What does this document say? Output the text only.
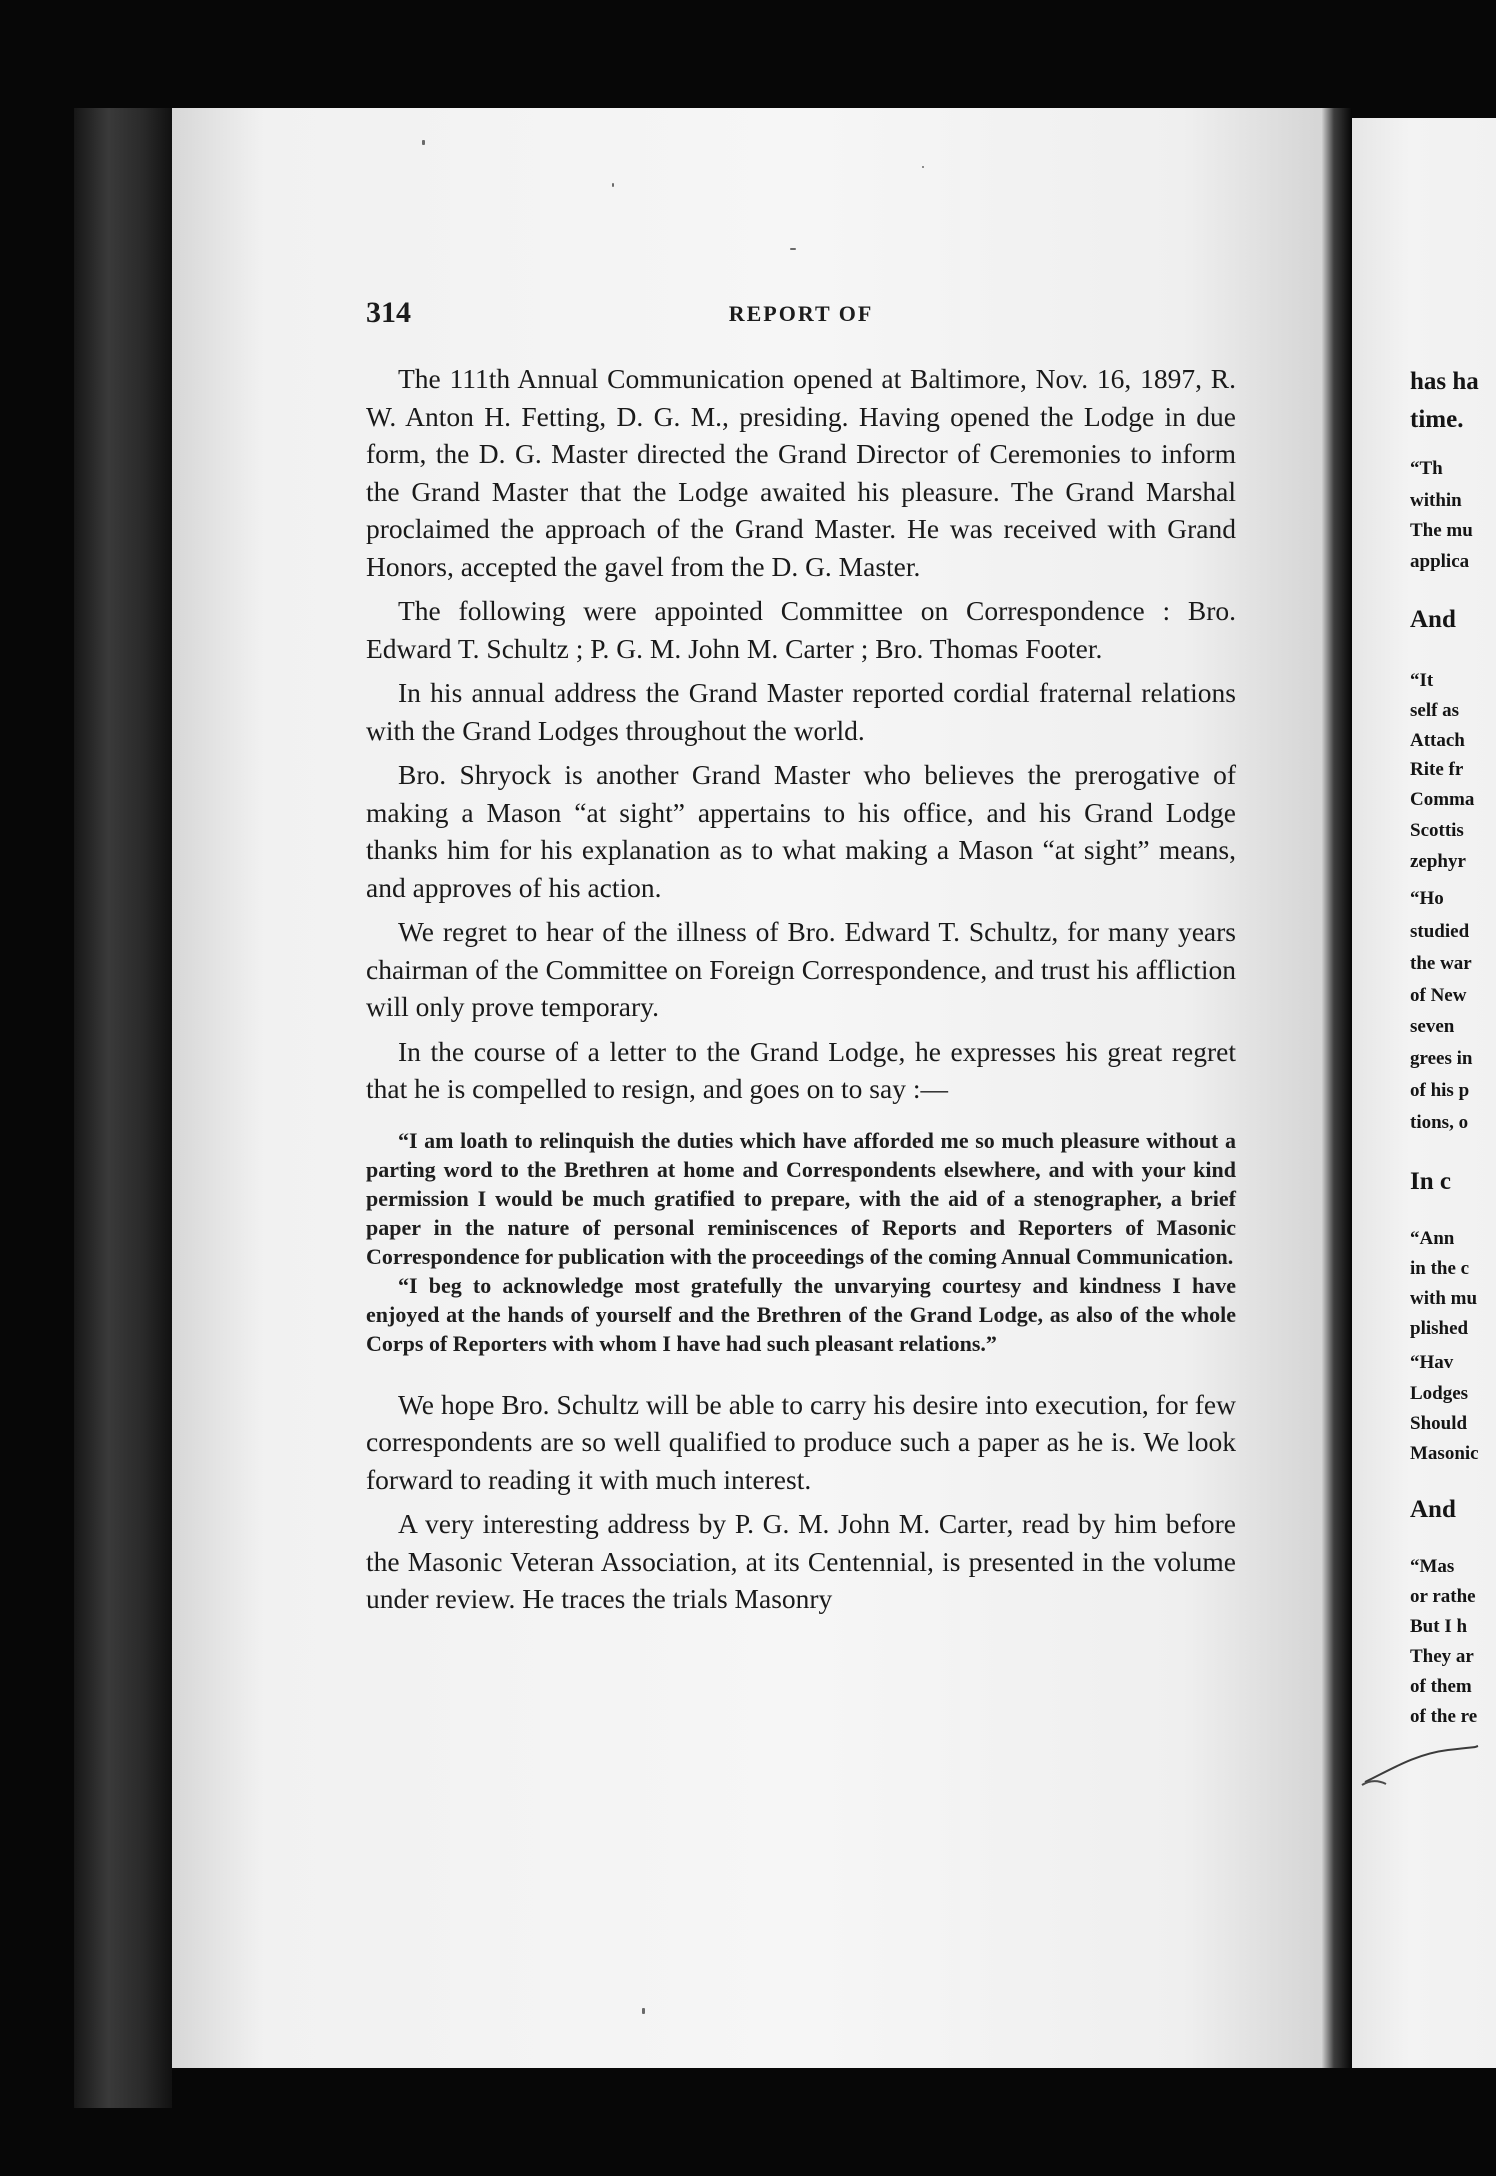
314	REPORT OF

The 111th Annual Communication opened at Baltimore, Nov. 16, 1897, R. W. Anton H. Fetting, D. G. M., presiding. Having opened the Lodge in due form, the D. G. Master directed the Grand Director of Ceremonies to inform the Grand Master that the Lodge awaited his pleasure. The Grand Marshal proclaimed the approach of the Grand Master. He was received with Grand Honors, accepted the gavel from the D. G. Master.

The following were appointed Committee on Correspondence : Bro. Edward T. Schultz ; P. G. M. John M. Carter ; Bro. Thomas Footer.

In his annual address the Grand Master reported cordial fraternal relations with the Grand Lodges throughout the world.

Bro. Shryock is another Grand Master who believes the prerogative of making a Mason “at sight” appertains to his office, and his Grand Lodge thanks him for his explanation as to what making a Mason “at sight” means, and approves of his action.

We regret to hear of the illness of Bro. Edward T. Schultz, for many years chairman of the Committee on Foreign Correspondence, and trust his affliction will only prove temporary.

In the course of a letter to the Grand Lodge, he expresses his great regret that he is compelled to resign, and goes on to say :—

“I am loath to relinquish the duties which have afforded me so much pleasure without a parting word to the Brethren at home and Correspondents elsewhere, and with your kind permission I would be much gratified to prepare, with the aid of a stenographer, a brief paper in the nature of personal reminiscences of Reports and Reporters of Masonic Correspondence for publication with the proceedings of the coming Annual Communication.

“I beg to acknowledge most gratefully the unvarying courtesy and kindness I have enjoyed at the hands of yourself and the Brethren of the Grand Lodge, as also of the whole Corps of Reporters with whom I have had such pleasant relations.”

We hope Bro. Schultz will be able to carry his desire into execution, for few correspondents are so well qualified to produce such a paper as he is. We look forward to reading it with much interest.

A very interesting address by P. G. M. John M. Carter, read by him before the Masonic Veteran Association, at its Centennial, is presented in the volume under review. He traces the trials Masonry

has ha
time.
“Th
within
The mu
applica
And
“It
self as
Attach
Rite fr
Comma
Scottis
zephyr
“Ho
studied
the war
of New
seven
grees in
of his p
tions, o
In c
“Ann
in the c
with mu
plished
“Hav
Lodges
Should
Masonic
And
“Mas
or rathe
But I h
They ar
of them
of the re
